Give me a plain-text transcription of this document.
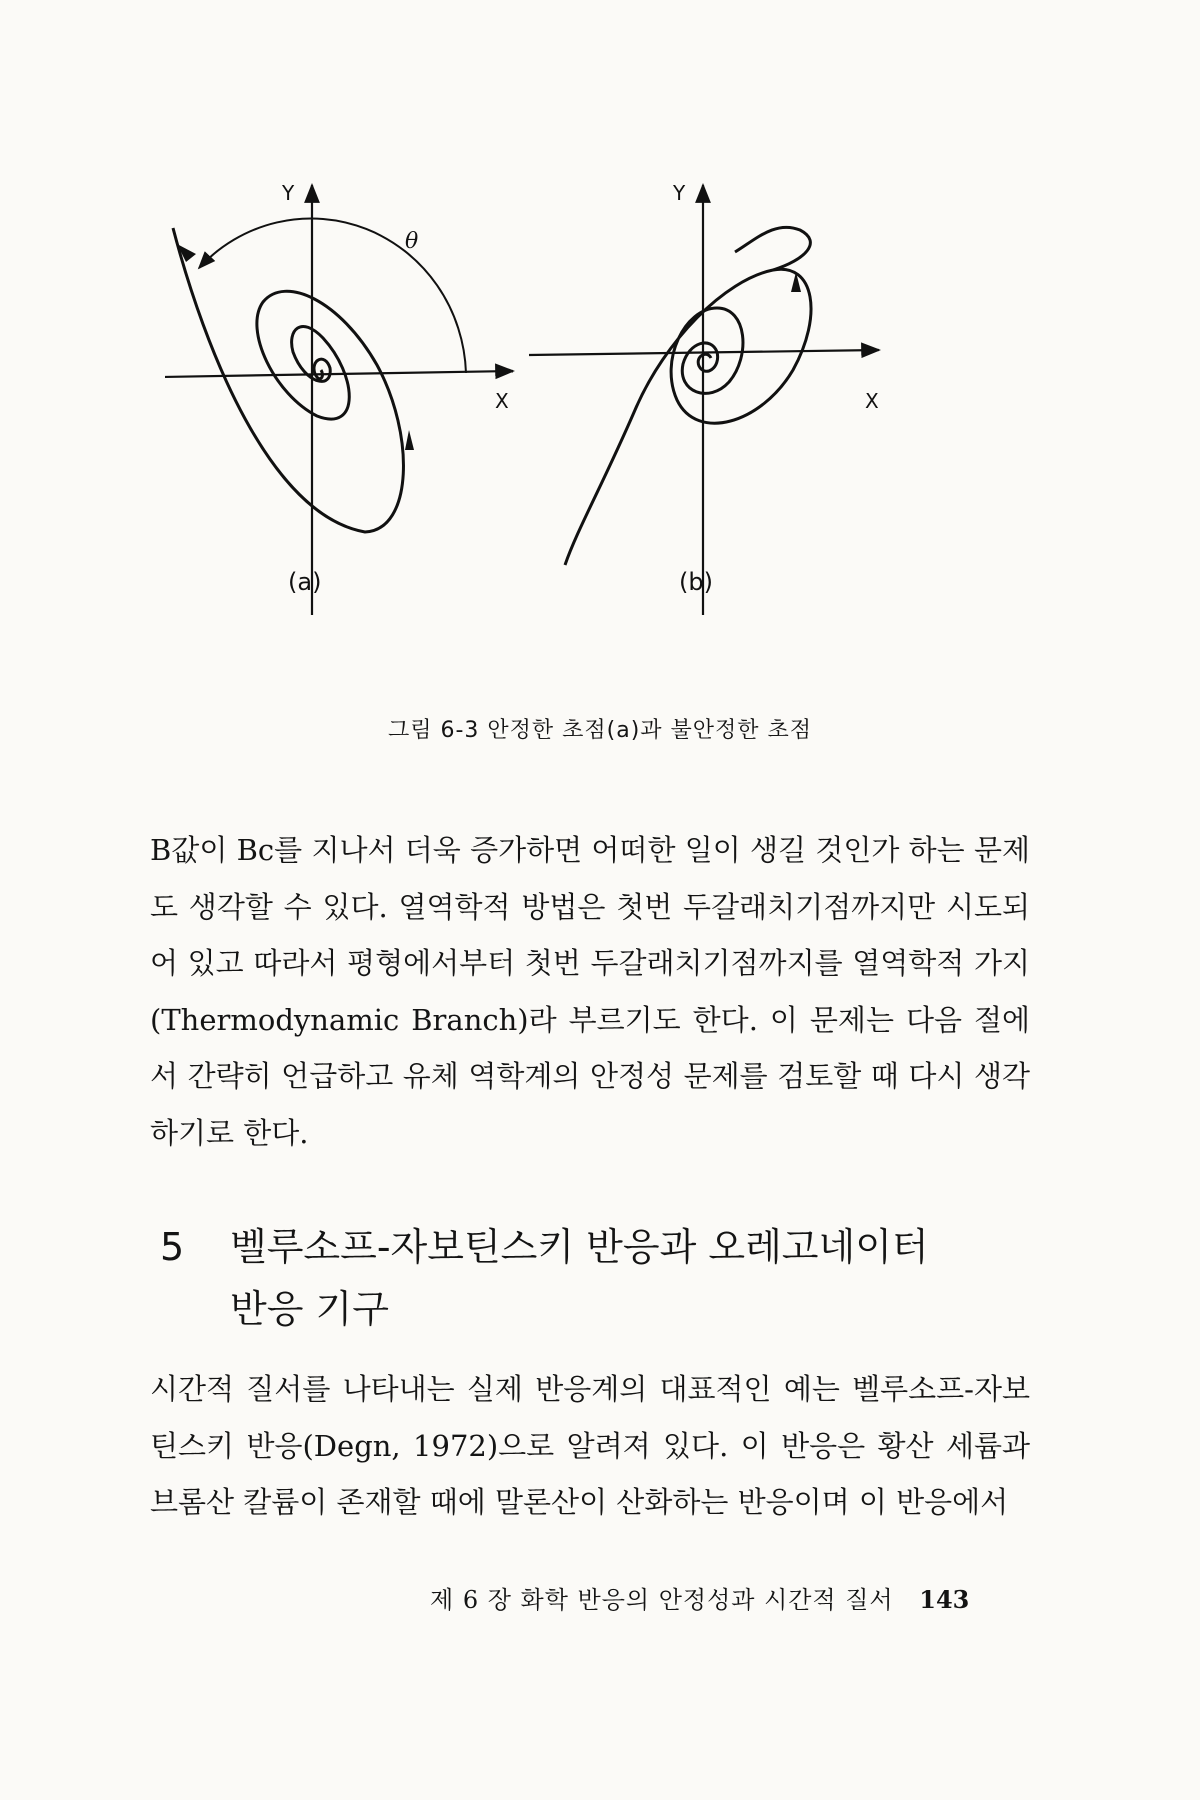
Y
X
θ
(a)
Y
X
(b)
그림 6-3 안정한 초점(a)과 불안정한 초점

B값이 Bc를 지나서 더욱 증가하면 어떠한 일이 생길 것인가 하는 문제도 생각할 수 있다. 열역학적 방법은 첫번 두갈래치기점까지만 시도되어 있고 따라서 평형에서부터 첫번 두갈래치기점까지를 열역학적 가지(Thermodynamic Branch)라 부르기도 한다. 이 문제는 다음 절에서 간략히 언급하고 유체 역학계의 안정성 문제를 검토할 때 다시 생각하기로 한다.

5 벨루소프-자보틴스키 반응과 오레고네이터
반응 기구

시간적 질서를 나타내는 실제 반응계의 대표적인 예는 벨루소프-자보틴스키 반응(Degn, 1972)으로 알려져 있다. 이 반응은 황산 세륨과 브롬산 칼륨이 존재할 때에 말론산이 산화하는 반응이며 이 반응에서

제 6 장 화학 반응의 안정성과 시간적 질서 143
